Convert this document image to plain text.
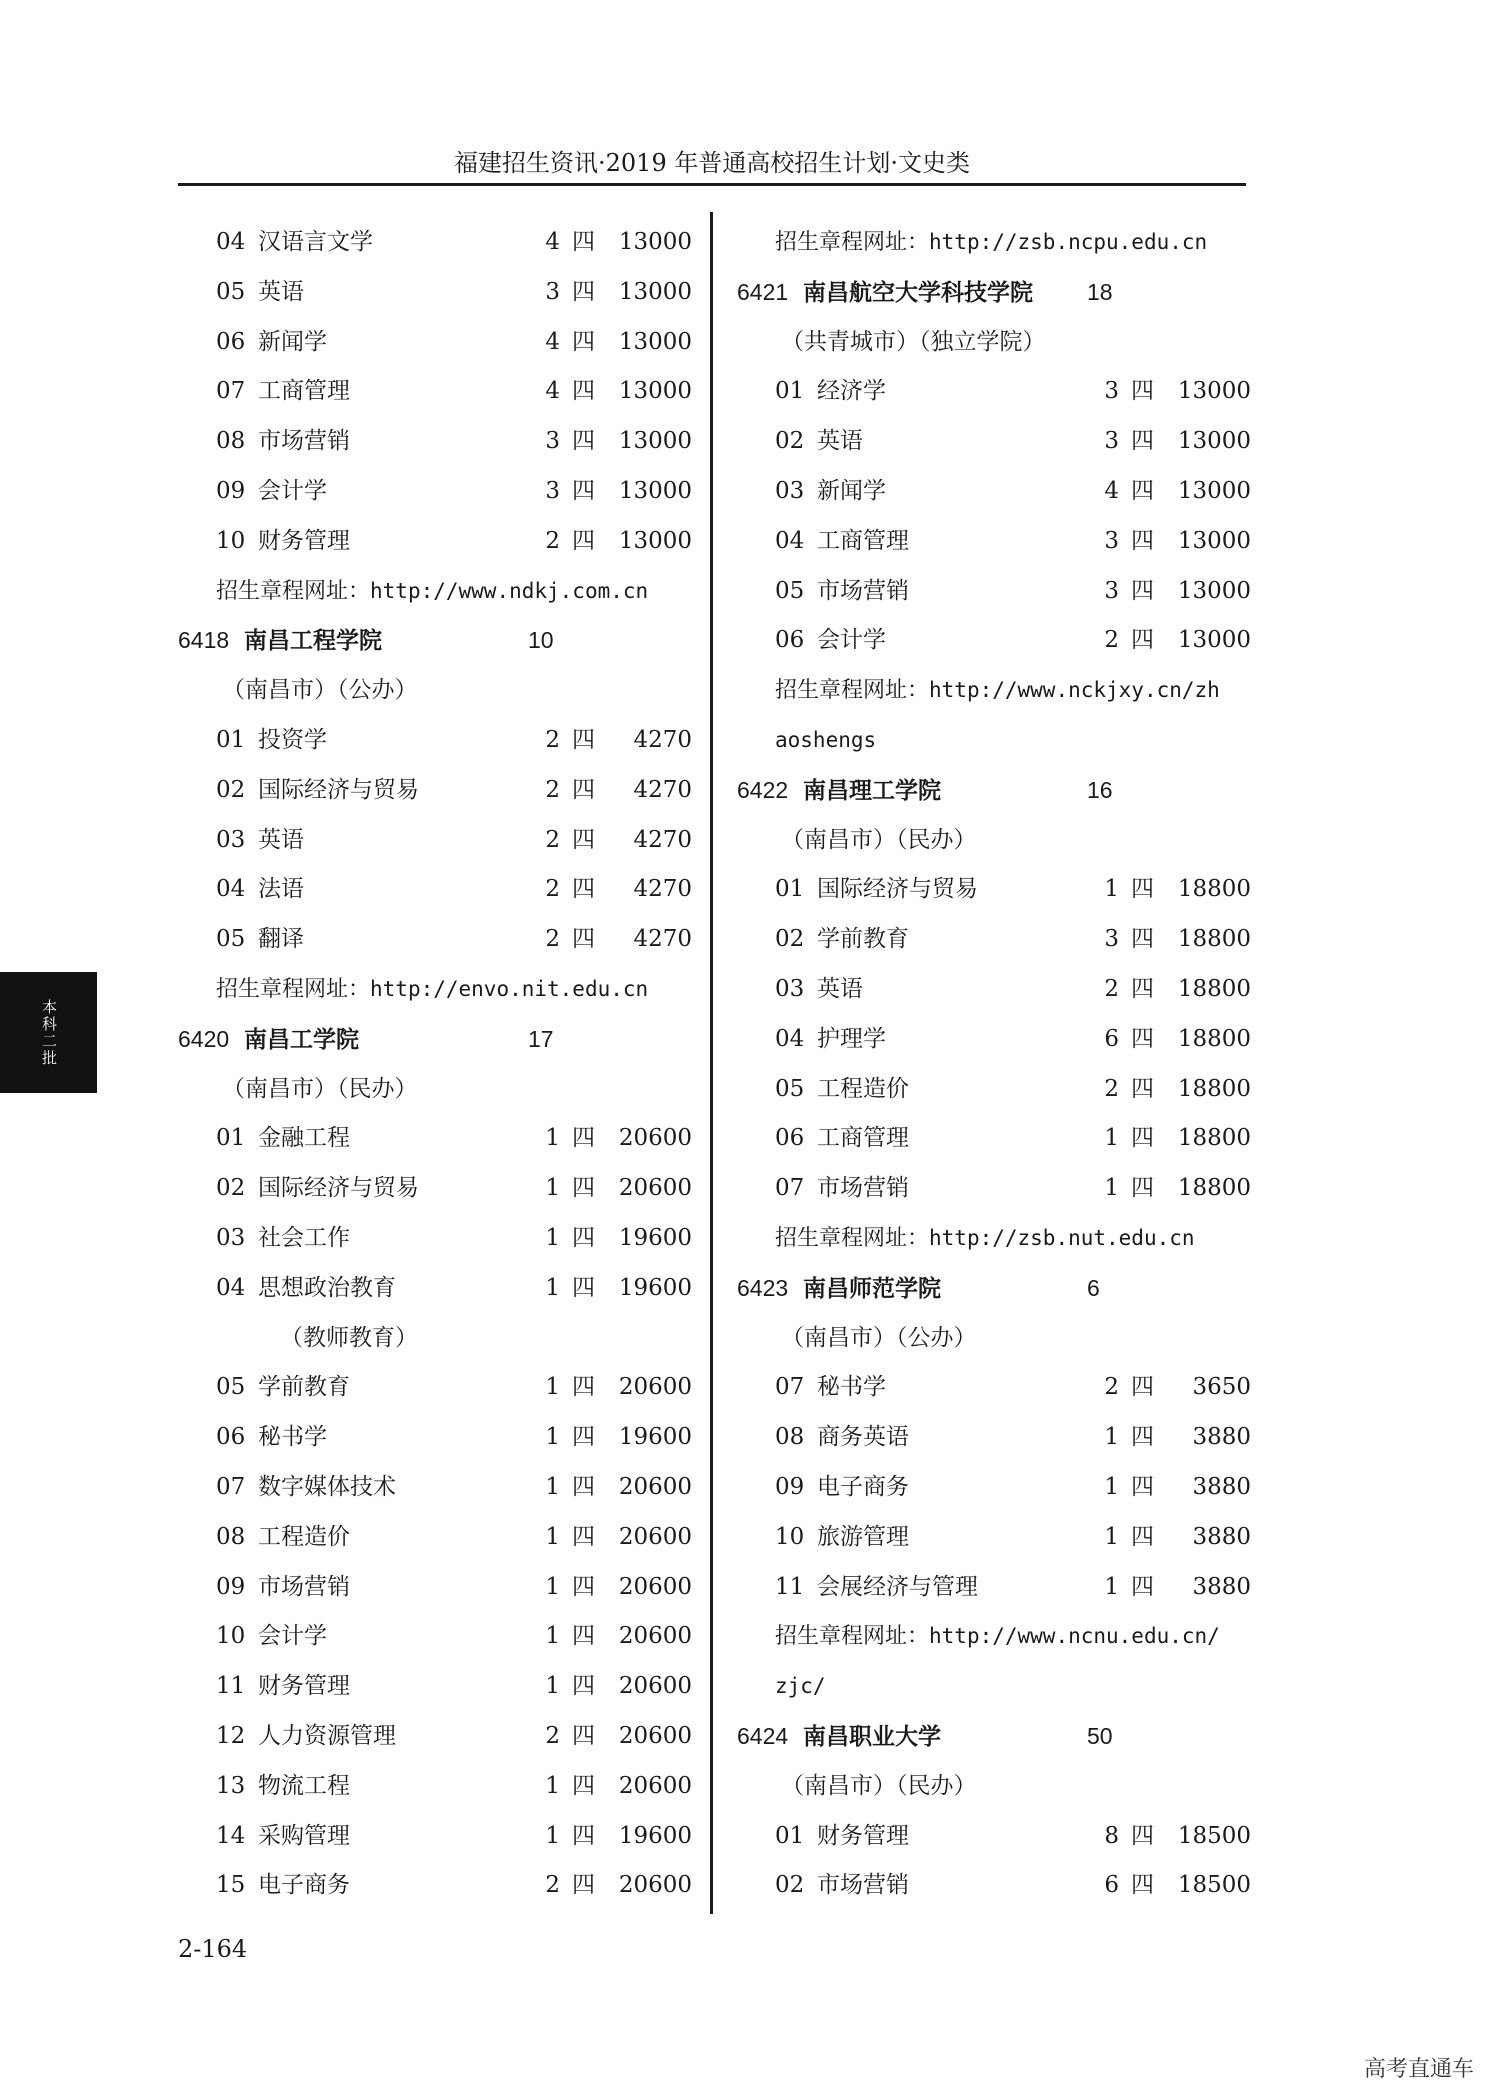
福建招生资讯·2019 年普通高校招生计划·文史类
04 汉语言文学	4 四	13000
05 英语	3 四	13000
06 新闻学	4 四	13000
07 工商管理	4 四	13000
08 市场营销	3 四	13000
09 会计学	3 四	13000
10 财务管理	2 四	13000
招生章程网址：http://www.ndkj.com.cn
6418 南昌工程学院	10
（南昌市）（公办）
01 投资学	2 四	4270
02 国际经济与贸易	2 四	4270
03 英语	2 四	4270
04 法语	2 四	4270
05 翻译	2 四	4270
招生章程网址：http://envo.nit.edu.cn
6420 南昌工学院	17
（南昌市）（民办）
01 金融工程	1 四	20600
02 国际经济与贸易	1 四	20600
03 社会工作	1 四	19600
04 思想政治教育	1 四	19600
（教师教育）
05 学前教育	1 四	20600
06 秘书学	1 四	19600
07 数字媒体技术	1 四	20600
08 工程造价	1 四	20600
09 市场营销	1 四	20600
10 会计学	1 四	20600
11 财务管理	1 四	20600
12 人力资源管理	2 四	20600
13 物流工程	1 四	20600
14 采购管理	1 四	19600
15 电子商务	2 四	20600
招生章程网址：http://zsb.ncpu.edu.cn
6421 南昌航空大学科技学院 18
（共青城市）（独立学院）
01 经济学	3 四	13000
02 英语	3 四	13000
03 新闻学	4 四	13000
04 工商管理	3 四	13000
05 市场营销	3 四	13000
06 会计学	2 四	13000
招生章程网址：http://www.nckjxy.cn/zh
aoshengs
6422 南昌理工学院	16
（南昌市）（民办）
01 国际经济与贸易	1 四	18800
02 学前教育	3 四	18800
03 英语	2 四	18800
04 护理学	6 四	18800
05 工程造价	2 四	18800
06 工商管理	1 四	18800
07 市场营销	1 四	18800
招生章程网址：http://zsb.nut.edu.cn
6423 南昌师范学院	6
（南昌市）（公办）
07 秘书学	2 四	3650
08 商务英语	1 四	3880
09 电子商务	1 四	3880
10 旅游管理	1 四	3880
11 会展经济与管理	1 四	3880
招生章程网址：http://www.ncnu.edu.cn/
zjc/
6424 南昌职业大学	50
（南昌市）（民办）
01 财务管理	8 四	18500
02 市场营销	6 四	18500
本科二批
2-164
高考直通车
